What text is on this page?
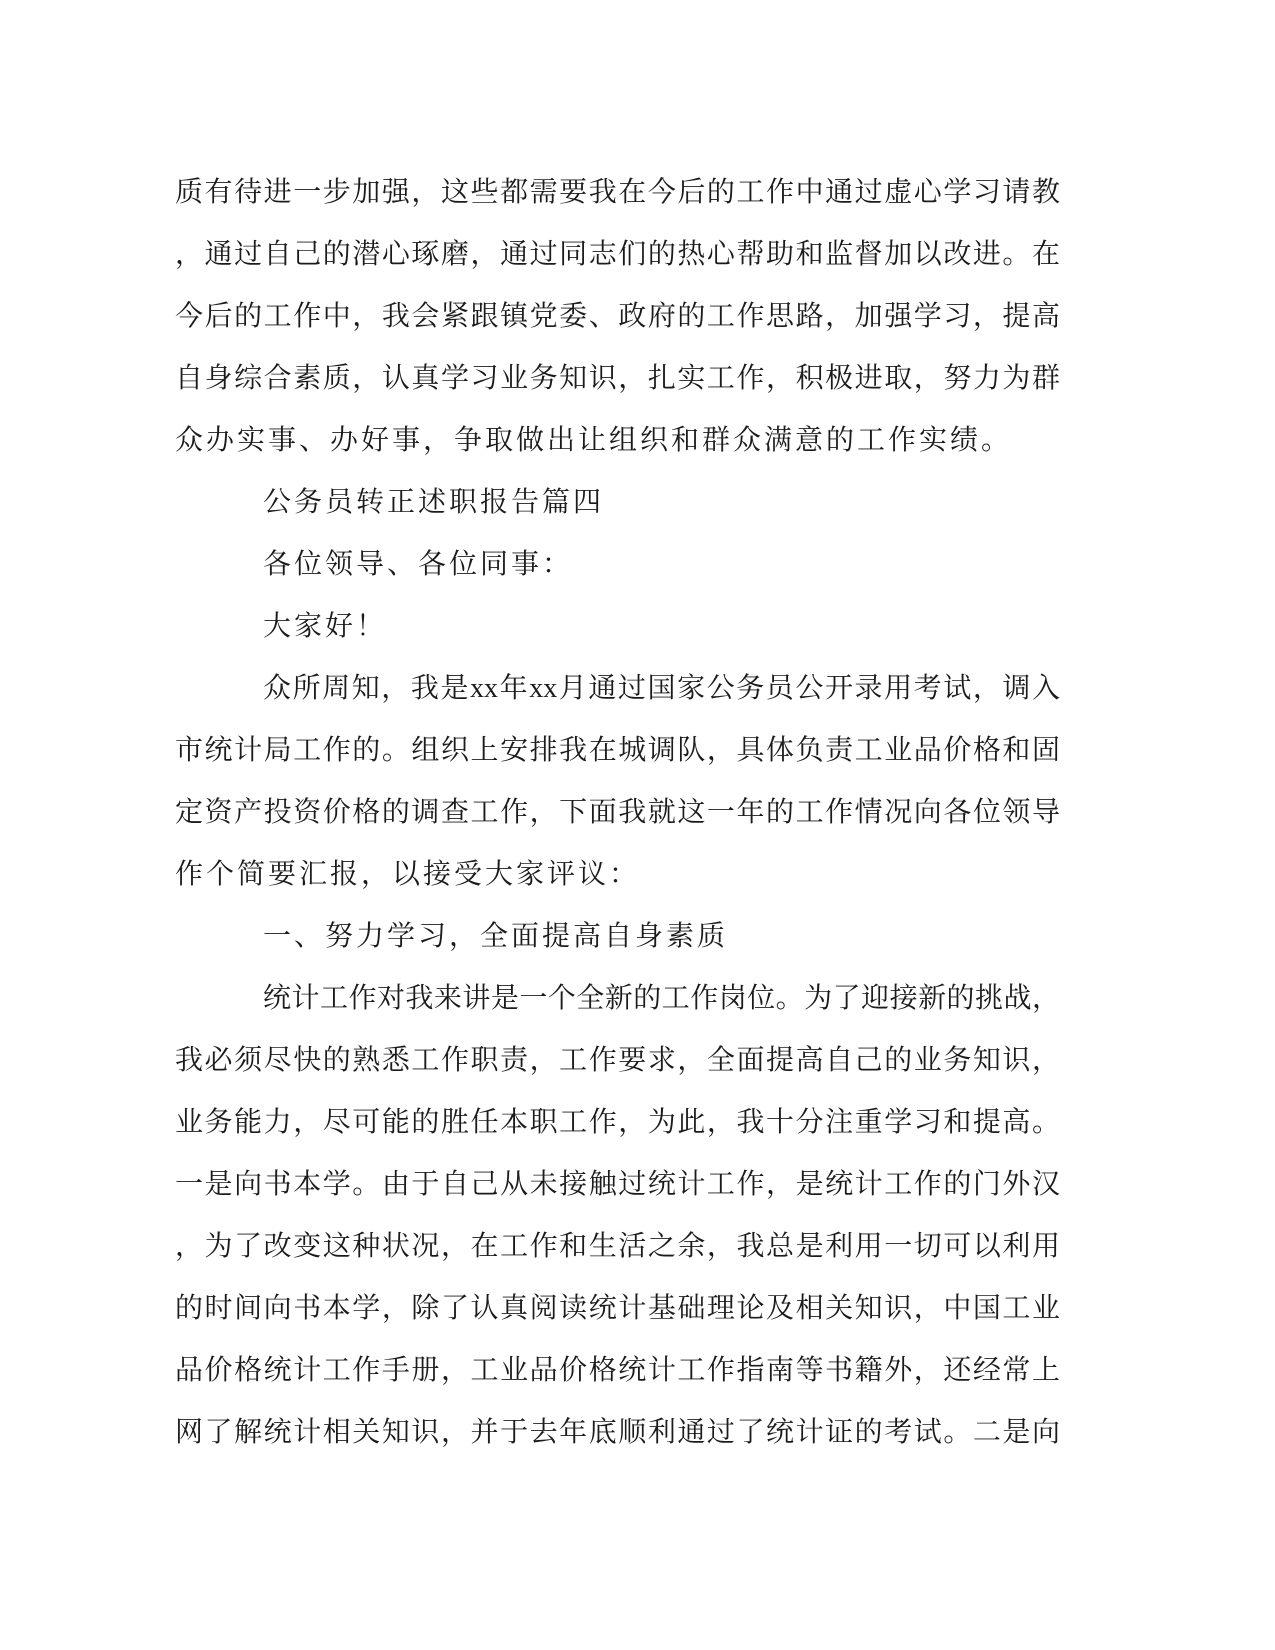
质有待进一步加强，这些都需要我在今后的工作中通过虚心学习请教
，通过自己的潜心琢磨，通过同志们的热心帮助和监督加以改进。在
今后的工作中，我会紧跟镇党委、政府的工作思路，加强学习，提高
自身综合素质，认真学习业务知识，扎实工作，积极进取，努力为群
众办实事、办好事，争取做出让组织和群众满意的工作实绩。
公务员转正述职报告篇四
各位领导、各位同事：
大家好！
众所周知，我是xx年xx月通过国家公务员公开录用考试，调入
市统计局工作的。组织上安排我在城调队，具体负责工业品价格和固
定资产投资价格的调查工作，下面我就这一年的工作情况向各位领导
作个简要汇报，以接受大家评议：
一、努力学习，全面提高自身素质
统计工作对我来讲是一个全新的工作岗位。为了迎接新的挑战，
我必须尽快的熟悉工作职责，工作要求，全面提高自己的业务知识，
业务能力，尽可能的胜任本职工作，为此，我十分注重学习和提高。
一是向书本学。由于自己从未接触过统计工作，是统计工作的门外汉
，为了改变这种状况，在工作和生活之余，我总是利用一切可以利用
的时间向书本学，除了认真阅读统计基础理论及相关知识，中国工业
品价格统计工作手册，工业品价格统计工作指南等书籍外，还经常上
网了解统计相关知识，并于去年底顺利通过了统计证的考试。二是向
